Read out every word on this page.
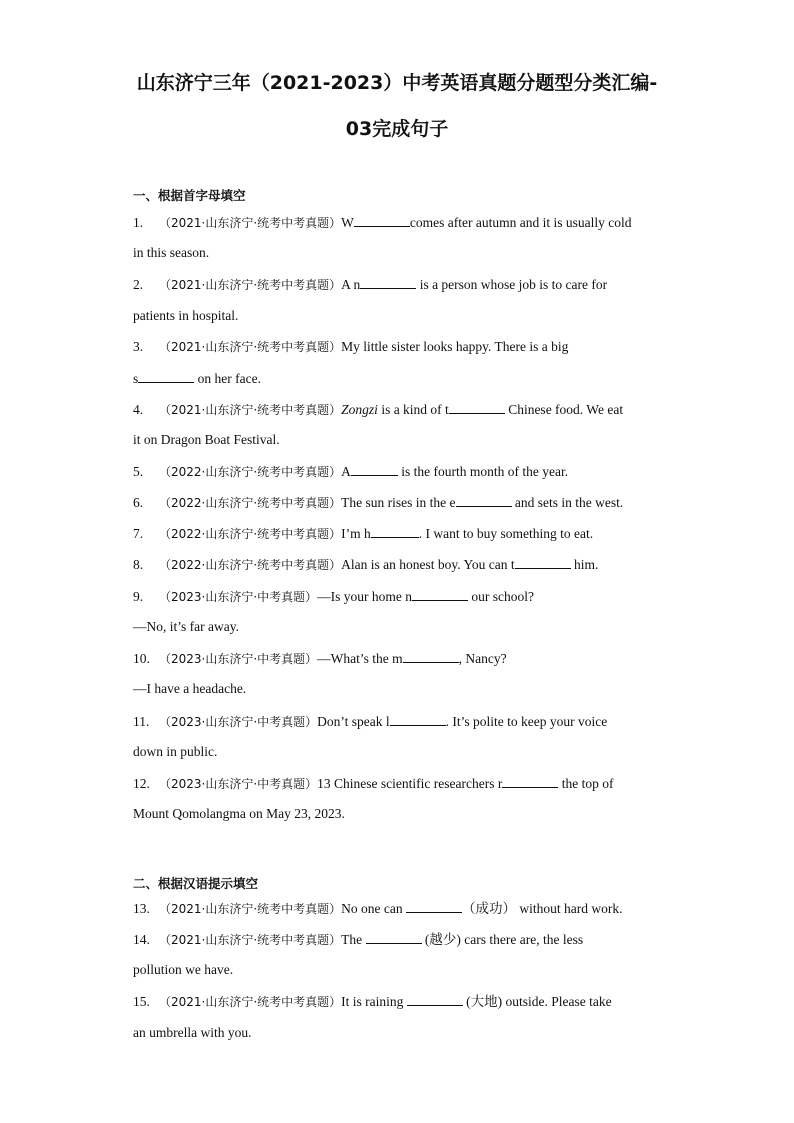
山东济宁三年（2021-2023）中考英语真题分题型分类汇编-
03完成句子
一、根据首字母填空
1. （2021·山东济宁·统考中考真题）W	comes after autumn and it is usually cold
in this season.
2. （2021·山东济宁·统考中考真题）A n	is a person whose job is to care for
patients in hospital.
3. （2021·山东济宁·统考中考真题）My little sister looks happy. There is a big
s	on her face.
4. （2021·山东济宁·统考中考真题）Zongzi is a kind of t	Chinese food. We eat
it on Dragon Boat Festival.
5. （2022·山东济宁·统考中考真题）A	is the fourth month of the year.
6. （2022·山东济宁·统考中考真题）The sun rises in the e	and sets in the west.
7. （2022·山东济宁·统考中考真题）I’m h	. I want to buy something to eat.
8. （2022·山东济宁·统考中考真题）Alan is an honest boy. You can t	him.
9. （2023·山东济宁·中考真题）—Is your home n	our school?
—No, it’s far away.
10. （2023·山东济宁·中考真题）—What’s the m	, Nancy?
—I have a headache.
11. （2023·山东济宁·中考真题）Don’t speak l	. It’s polite to keep your voice
down in public.
12. （2023·山东济宁·中考真题）13 Chinese scientific researchers r	the top of
Mount Qomolangma on May 23, 2023.
二、根据汉语提示填空
13. （2021·山东济宁·统考中考真题）No one can	（成功） without hard work.
14. （2021·山东济宁·统考中考真题）The	(越少) cars there are, the less
pollution we have.
15. （2021·山东济宁·统考中考真题）It is raining	(大地) outside. Please take
an umbrella with you.
